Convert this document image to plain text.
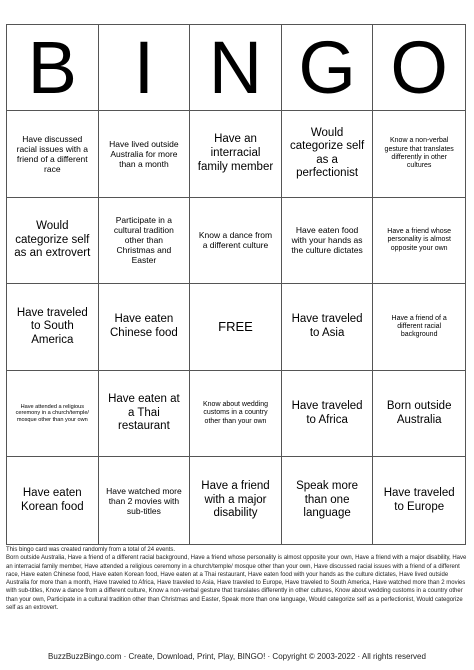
B I N G O
Have discussed racial issues with a friend of a different race
Have lived outside Australia for more than a month
Have an interracial family member
Would categorize self as a perfectionist
Know a non-verbal gesture that translates differently in other cultures
Would categorize self as an extrovert
Participate in a cultural tradition other than Christmas and Easter
Know a dance from a different culture
Have eaten food with your hands as the culture dictates
Have a friend whose personality is almost opposite your own
Have traveled to South America
Have eaten Chinese food	FREE	Have traveled to Asia
Have a friend of a different racial background
Have attended a religious ceremony in a church/temple/ mosque other than your own
Have eaten at a Thai restaurant
Know about wedding customs in a country other than your own
Have traveled to Africa
Born outside Australia
Have eaten Korean food
Have watched more than 2 movies with sub-titles
Have a friend with a major disability
Speak more than one language
Have traveled to Europe

This bingo card was created randomly from a total of 24 events.

Born outside Australia, Have a friend of a different racial background, Have a friend whose personality is almost opposite your own, Have a friend with a major disability, Have an interracial family member, Have attended a religious ceremony in a church/temple/ mosque other than your own, Have discussed racial issues with a friend of a different race, Have eaten Chinese food, Have eaten Korean food, Have eaten at a Thai restaurant, Have eaten food with your hands as the culture dictates, Have lived outside Australia for more than a month, Have traveled to Africa, Have traveled to Asia, Have traveled to Europe, Have traveled to South America, Have watched more than 2 movies with sub-titles, Know a dance from a different culture, Know a non-verbal gesture that translates differently in other cultures, Know about wedding customs in a country other than your own, Participate in a cultural tradition other than Christmas and Easter, Speak more than one language, Would categorize self as a perfectionist, Would categorize self as an extrovert.

BuzzBuzzBingo.com · Create, Download, Print, Play, BINGO! · Copyright © 2003-2022 · All rights reserved
